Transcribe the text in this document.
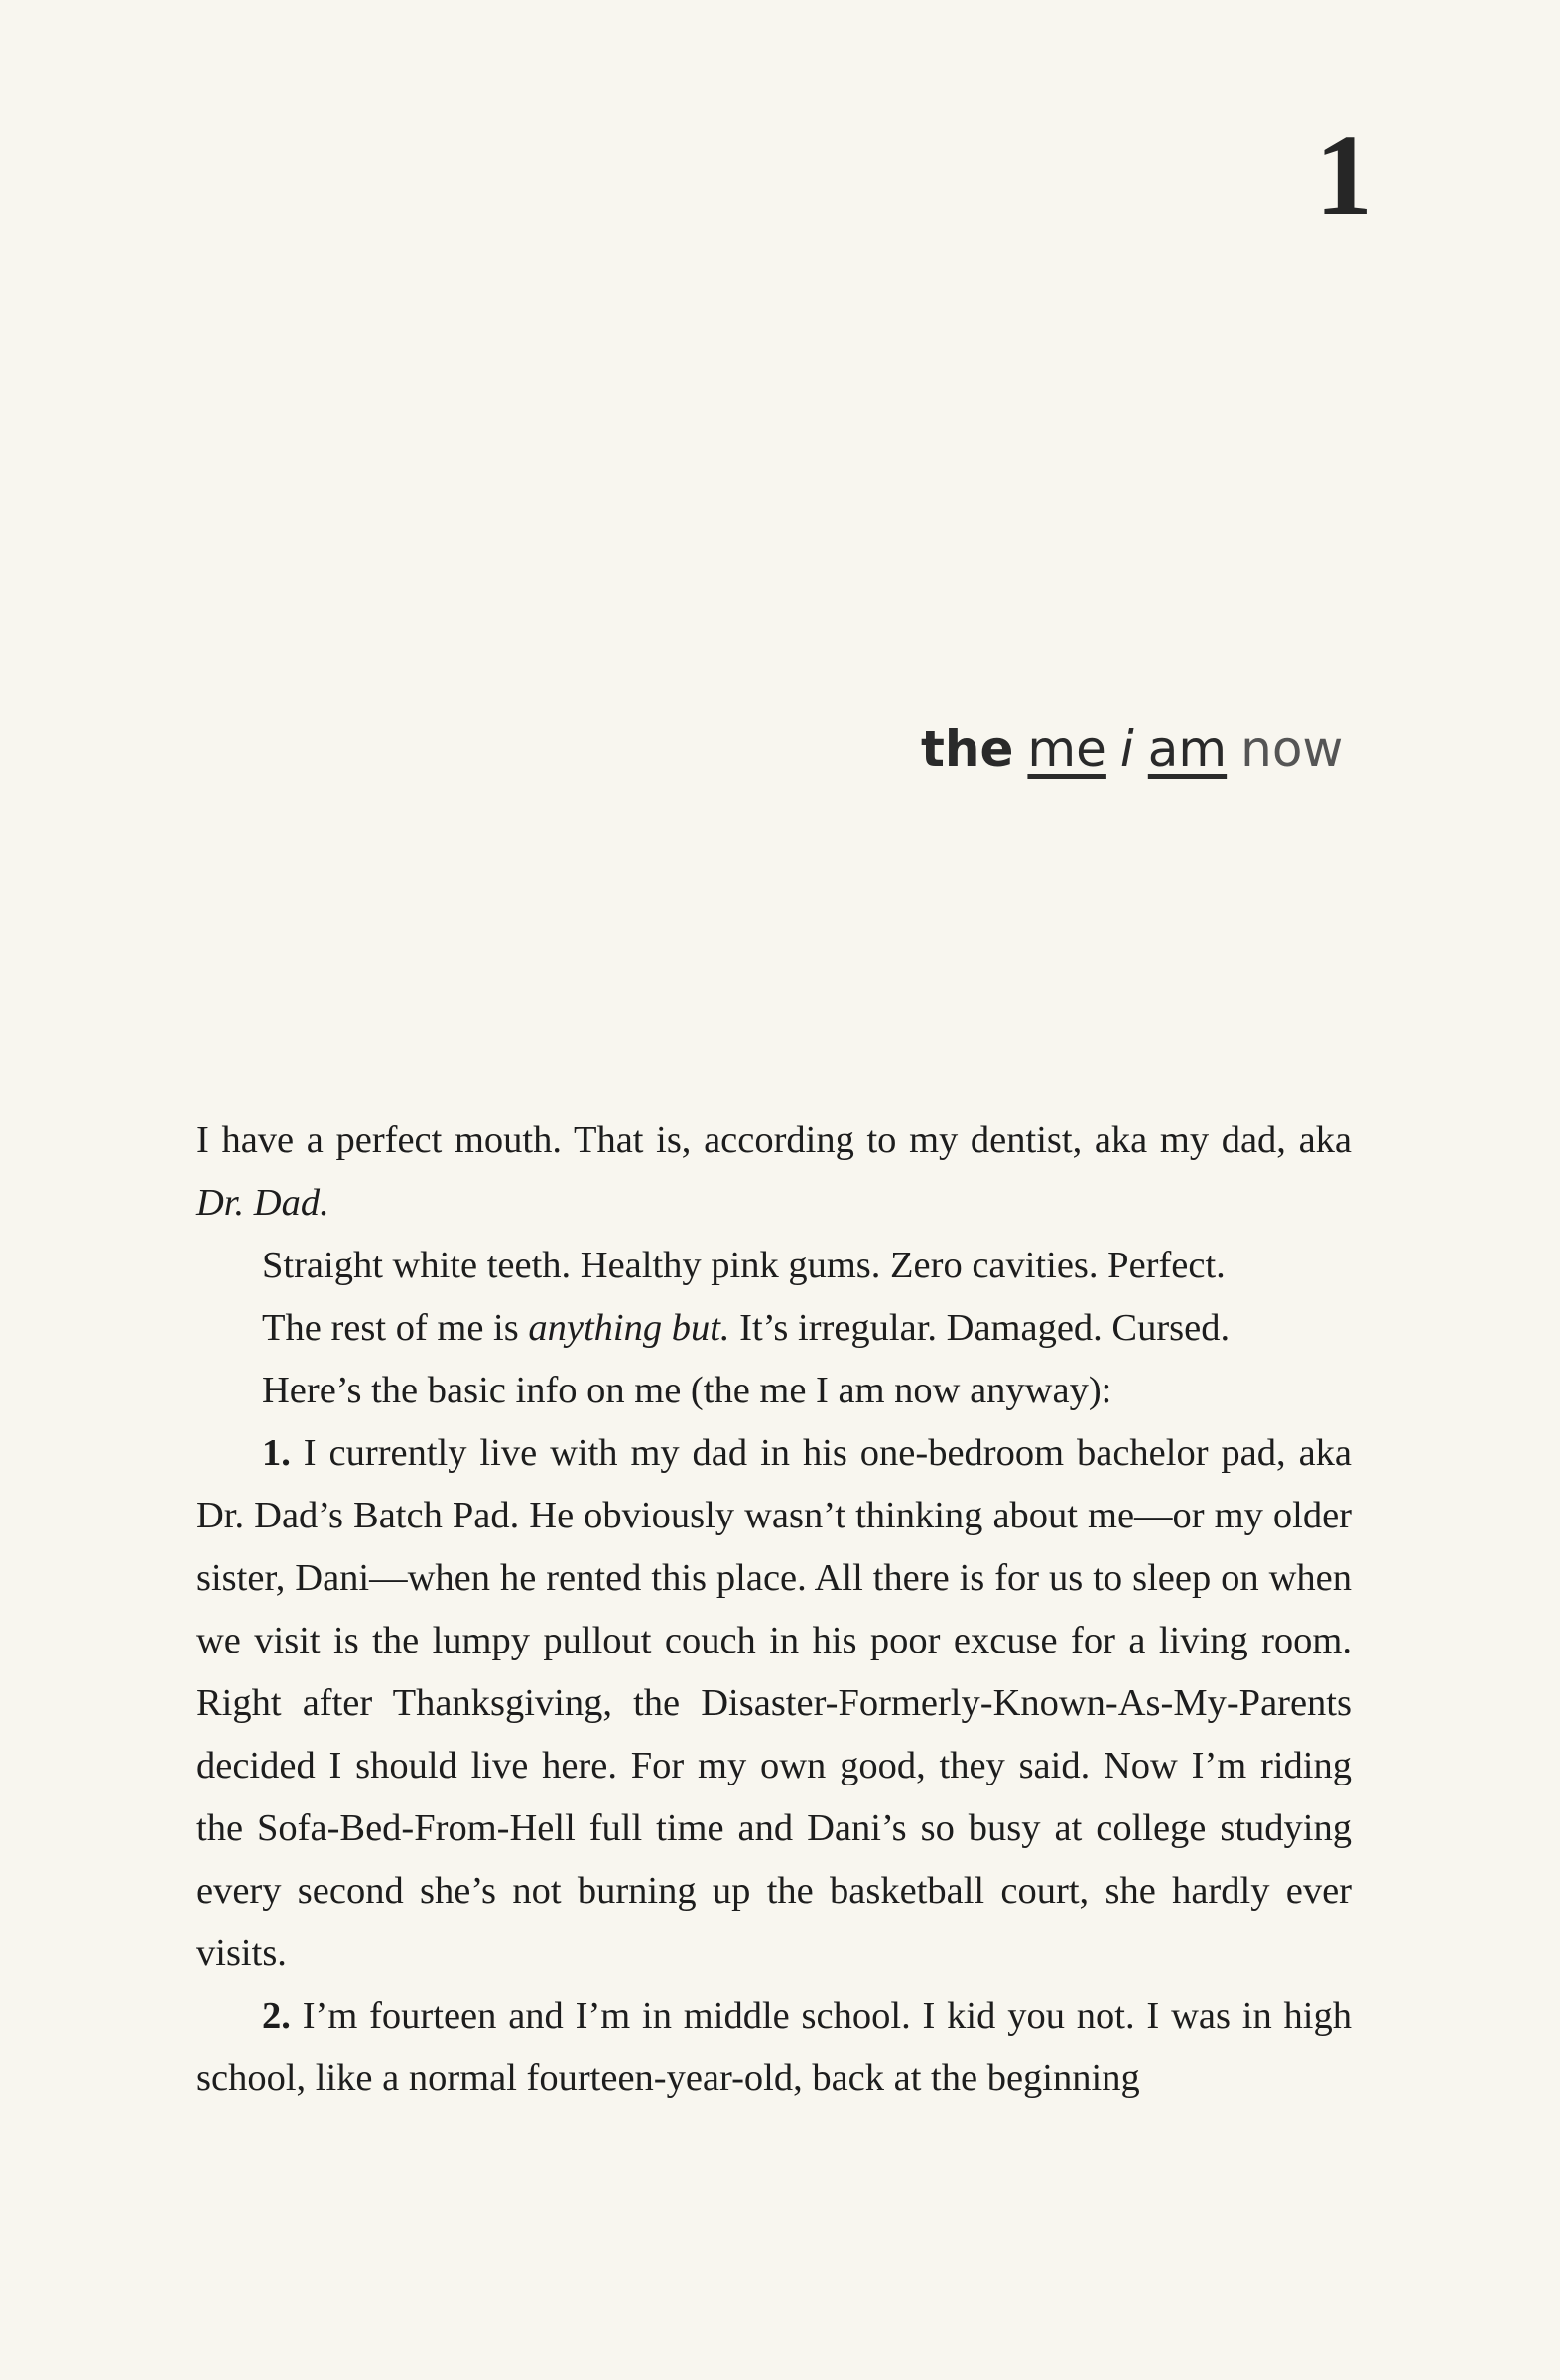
1
the me i am now

I have a perfect mouth. That is, according to my dentist, aka my dad, aka Dr. Dad.

Straight white teeth. Healthy pink gums. Zero cavities. Perfect.

The rest of me is anything but. It’s irregular. Damaged. Cursed.

Here’s the basic info on me (the me I am now anyway):

1. I currently live with my dad in his one-bedroom bachelor pad, aka Dr. Dad’s Batch Pad. He obviously wasn’t thinking about me—or my older sister, Dani—when he rented this place. All there is for us to sleep on when we visit is the lumpy pullout couch in his poor excuse for a living room. Right after Thanksgiving, the Disaster-Formerly-Known-As-My-Parents decided I should live here. For my own good, they said. Now I’m riding the Sofa-Bed-From-Hell full time and Dani’s so busy at college studying every second she’s not burning up the basketball court, she hardly ever visits.

2. I’m fourteen and I’m in middle school. I kid you not. I was in high school, like a normal fourteen-year-old, back at the beginning
